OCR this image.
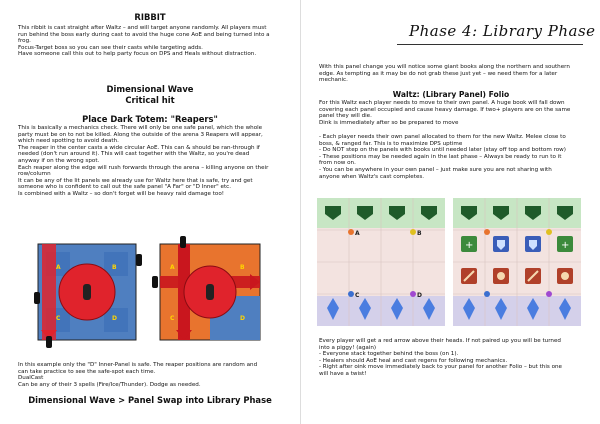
RIBBIT
This ribbit is cast straight after Waltz – and will target anyone randomly. All players must
run behind the boss early during cast to avoid the huge cone AoE and being turned into a
frog.
Focus-Target boss so you can see their casts while targeting adds.
Have someone call this out to help party focus on DPS and Heals without distraction.
Dimensional Wave
Critical hit
Place Dark Totem: "Reapers"
This is basically a mechanics check. There will only be one safe panel, which the whole
party must be on to not be killed. Along the outside of the arena 3 Reapers will appear,
which need spotting to avoid death.
The reaper in the center casts a wide circular AoE. This can & should be ran-through if
needed (don't run around it). This will cast together with the Waltz, so you're dead
anyway if on the wrong spot.
Each reaper along the edge will rush forwards through the arena – killing anyone on their
row/column
It can be any of the lit panels we already use for Waltz here that is safe, try and get
someone who is confident to call out the safe panel "A Far" or "D Inner" etc.
Is combined with a Waltz – so don't forget will be heavy raid damage too!
A	B
C	D
A	B
C	D
In this example only the "D" Inner-Panel is safe. The reaper positions are random and
can take practice to see the safe-spot each time.
DualCast
Can be any of their 3 spells (Fire/Ice/Thunder). Dodge as needed.
Dimensional Wave > Panel Swap into Library Phase
Phase 4: Library Phase
With this panel change you will notice some giant books along the northern and southern
edge. As tempting as it may be do not grab these just yet – we need them for a later
mechanic.
Waltz: (Library Panel) Folio
For this Waltz each player needs to move to their own panel. A huge book will fall down
covering each panel occupied and cause heavy damage. If two+ players are on the same
panel they will die.
Dink is immediately after so be prepared to move
- Each player needs their own panel allocated to them for the new Waltz. Melee close to
boss, & ranged far. This is to maximize DPS uptime
- Do NOT step on the panels with books until needed later (stay off top and bottom row)
- These positions may be needed again in the last phase – Always be ready to run to it
from now on.
- You can be anywhere in your own panel – just make sure you are not sharing with
anyone when Waltz's cast completes.
A	B
C	D
+	+
Every player will get a red arrow above their heads. If not paired up you will be turned
into a piggy! (again)
- Everyone stack together behind the boss (on 1).
- Healers should AoE heal and cast regens for following mechanics.
- Right after oink move immediately back to your panel for another Folio – but this one
will have a twist!
